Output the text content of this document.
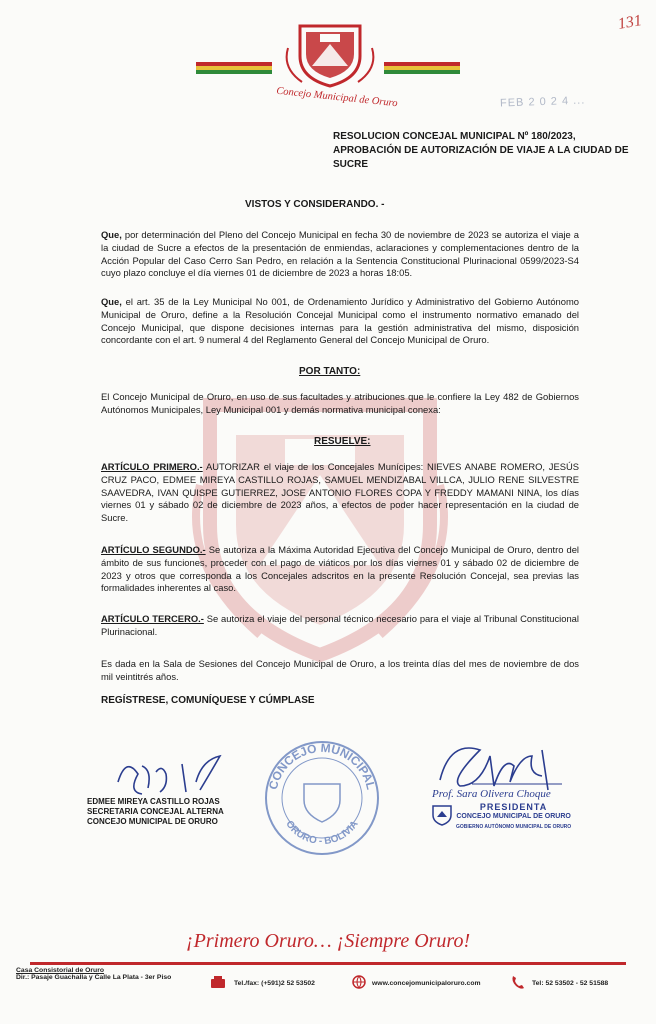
Concejo Municipal de Oruro
131
FEB 2 0 2 4 ...
RESOLUCION CONCEJAL MUNICIPAL Nº 180/2023, APROBACIÓN DE AUTORIZACIÓN DE VIAJE A LA CIUDAD DE SUCRE
VISTOS Y CONSIDERANDO. -
Que, por determinación del Pleno del Concejo Municipal en fecha 30 de noviembre de 2023 se autoriza el viaje a la ciudad de Sucre a efectos de la presentación de enmiendas, aclaraciones y complementaciones dentro de la Acción Popular del Caso Cerro San Pedro, en relación a la Sentencia Constitucional Plurinacional 0599/2023-S4 cuyo plazo concluye el día viernes 01 de diciembre de 2023 a horas 18:05.
Que, el art. 35 de la Ley Municipal No 001, de Ordenamiento Jurídico y Administrativo del Gobierno Autónomo Municipal de Oruro, define a la Resolución Concejal Municipal como el instrumento normativo emanado del Concejo Municipal, que dispone decisiones internas para la gestión administrativa del mismo, disposición concordante con el art. 9 numeral 4 del Reglamento General del Concejo Municipal de Oruro.
POR TANTO:
El Concejo Municipal de Oruro, en uso de sus facultades y atribuciones que le confiere la Ley 482 de Gobiernos Autónomos Municipales, Ley Municipal 001 y demás normativa municipal conexa:
RESUELVE:
ARTÍCULO PRIMERO.- AUTORIZAR el viaje de los Concejales Munícipes: NIEVES ANABE ROMERO, JESÚS CRUZ PACO, EDMEE MIREYA CASTILLO ROJAS, SAMUEL MENDIZABAL VILLCA, JULIO RENE SILVESTRE SAAVEDRA, IVAN QUISPE GUTIERREZ, JOSE ANTONIO FLORES COPA Y FREDDY MAMANI NINA, los días viernes 01 y sábado 02 de diciembre de 2023 años, a efectos de poder hacer representación en la ciudad de Sucre.
ARTÍCULO SEGUNDO.- Se autoriza a la Máxima Autoridad Ejecutiva del Concejo Municipal de Oruro, dentro del ámbito de sus funciones, proceder con el pago de viáticos por los días viernes 01 y sábado 02 de diciembre de 2023 y otros que corresponda a los Concejales adscritos en la presente Resolución Concejal, sea previas las formalidades inherentes al caso.
ARTÍCULO TERCERO.- Se autoriza el viaje del personal técnico necesario para el viaje al Tribunal Constitucional Plurinacional.
Es dada en la Sala de Sesiones del Concejo Municipal de Oruro, a los treinta días del mes de noviembre de dos mil veintitrés años.
REGÍSTRESE, COMUNÍQUESE Y CÚMPLASE
EDMEE MIREYA CASTILLO ROJAS
SECRETARIA CONCEJAL ALTERNA
CONCEJO MUNICIPAL DE ORURO
CONCEJO MUNICIPAL
ORURO - BOLIVIA
Prof. Sara Olivera Choque
PRESIDENTA
CONCEJO MUNICIPAL DE ORURO
GOBIERNO AUTÓNOMO MUNICIPAL DE ORURO
¡Primero Oruro… ¡Siempre Oruro!
Casa Consistorial de Oruro
Dir.: Pasaje Guachalla y Calle La Plata - 3er Piso
Tel./fax: (+591)2 52 53502	www.concejomunicipaloruro.com	Tel: 52 53502 - 52 51588
